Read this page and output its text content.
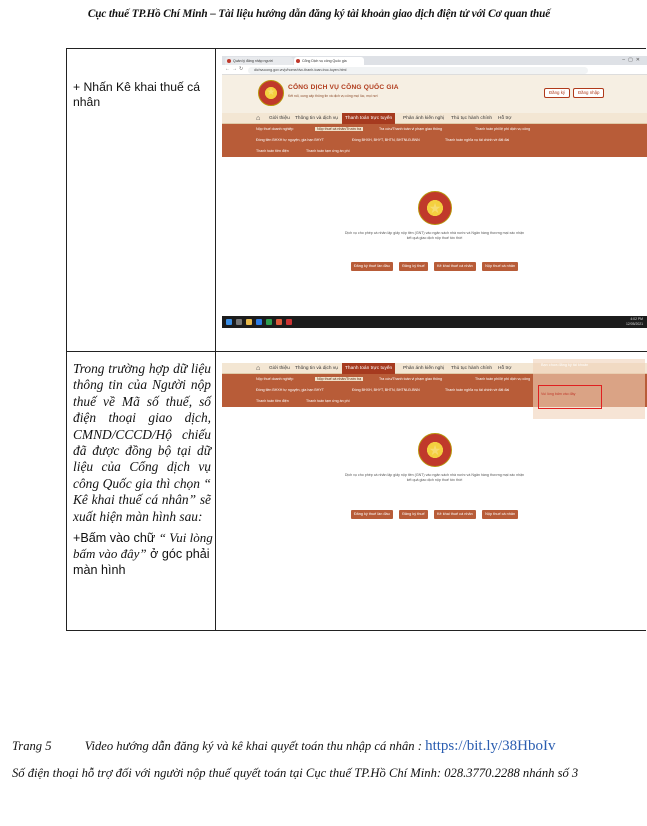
Cục thuế TP.Hồ Chí Minh – Tài liệu hướng dẫn đăng ký tài khoản giao dịch điện tử với Cơ quan thuế
+ Nhấn Kê khai thuế cá nhân
Quản lý đăng nhập người	Cổng Dịch vụ công Quốc gia	–▢✕
←→↻	dichvucong.gov.vn/p/home/dvc-thanh-toan-truc-tuyen.html
★
CỔNG DỊCH VỤ CÔNG QUỐC GIA
Kết nối, cung cấp thông tin và dịch vụ công mọi lúc, mọi nơi
Đăng ký	Đăng nhập
⌂	Giới thiệu	Thông tin và dịch vụ	Thanh toán trực tuyến	Phản ánh kiến nghị	Thủ tục hành chính	Hỗ trợ
Nộp thuế doanh nghiệp	Nộp thuế cá nhân/Trước bạ	Tra cứu/Thanh toán vi phạm giao thông	Thanh toán phí/lệ phí dịch vụ công
Đóng tiền BHXH tự nguyện, gia hạn BHYT	Đóng BHXH, BHYT, BHTN, BHTNLĐ-BNN	Thanh toán nghĩa vụ tài chính về đất đai
Thanh toán tiền điện	Thanh toán tạm ứng án phí
★
Dịch vụ cho phép cá nhân lập giấy nộp tiền (GNT) vào ngân sách nhà nước và Ngân hàng thương mại xác nhận
kết quả giao dịch nộp thuế tức thời
Đăng ký thuế lần đầu	Đăng ký thuế	Kê khai thuế cá nhân	Nộp thuế cá nhân
4:02 PM
12/05/2021
Trong trường hợp dữ liệu thông tin của Người nộp thuế về Mã số thuế, số điện thoại giao dịch, CMND/CCCD/Hộ chiếu đã được đồng bộ tại dữ liệu của Cổng dịch vụ công Quốc gia thì chọn “ Kê khai thuế cá nhân” sẽ xuất hiện màn hình sau:
+Bấm vào chữ “ Vui lòng bấm vào đây” ở góc phải màn hình
⌂	Giới thiệu	Thông tin và dịch vụ	Thanh toán trực tuyến	Phản ánh kiến nghị	Thủ tục hành chính	Hỗ trợ
Nộp thuế doanh nghiệp	Nộp thuế cá nhân/Trước bạ	Tra cứu/Thanh toán vi phạm giao thông	Thanh toán phí/lệ phí dịch vụ công
Đóng tiền BHXH tự nguyện, gia hạn BHYT	Đóng BHXH, BHYT, BHTN, BHTNLĐ-BNN	Thanh toán nghĩa vụ tài chính về đất đai
Thanh toán tiền điện	Thanh toán tạm ứng án phí
Bạn chưa đăng ký tài khoản
Vui lòng bấm vào đây
★
Dịch vụ cho phép cá nhân lập giấy nộp tiền (GNT) vào ngân sách nhà nước và Ngân hàng thương mại xác nhận
kết quả giao dịch nộp thuế tức thời
Đăng ký thuế lần đầu	Đăng ký thuế	Kê khai thuế cá nhân	Nộp thuế cá nhân
Trang 5	Video hướng dẫn đăng ký và kê khai quyết toán thu nhập cá nhân : https://bit.ly/38HboIv
Số điện thoại hỗ trợ đối với người nộp thuế quyết toán tại Cục thuế TP.Hồ Chí Minh: 028.3770.2288 nhánh số 3
